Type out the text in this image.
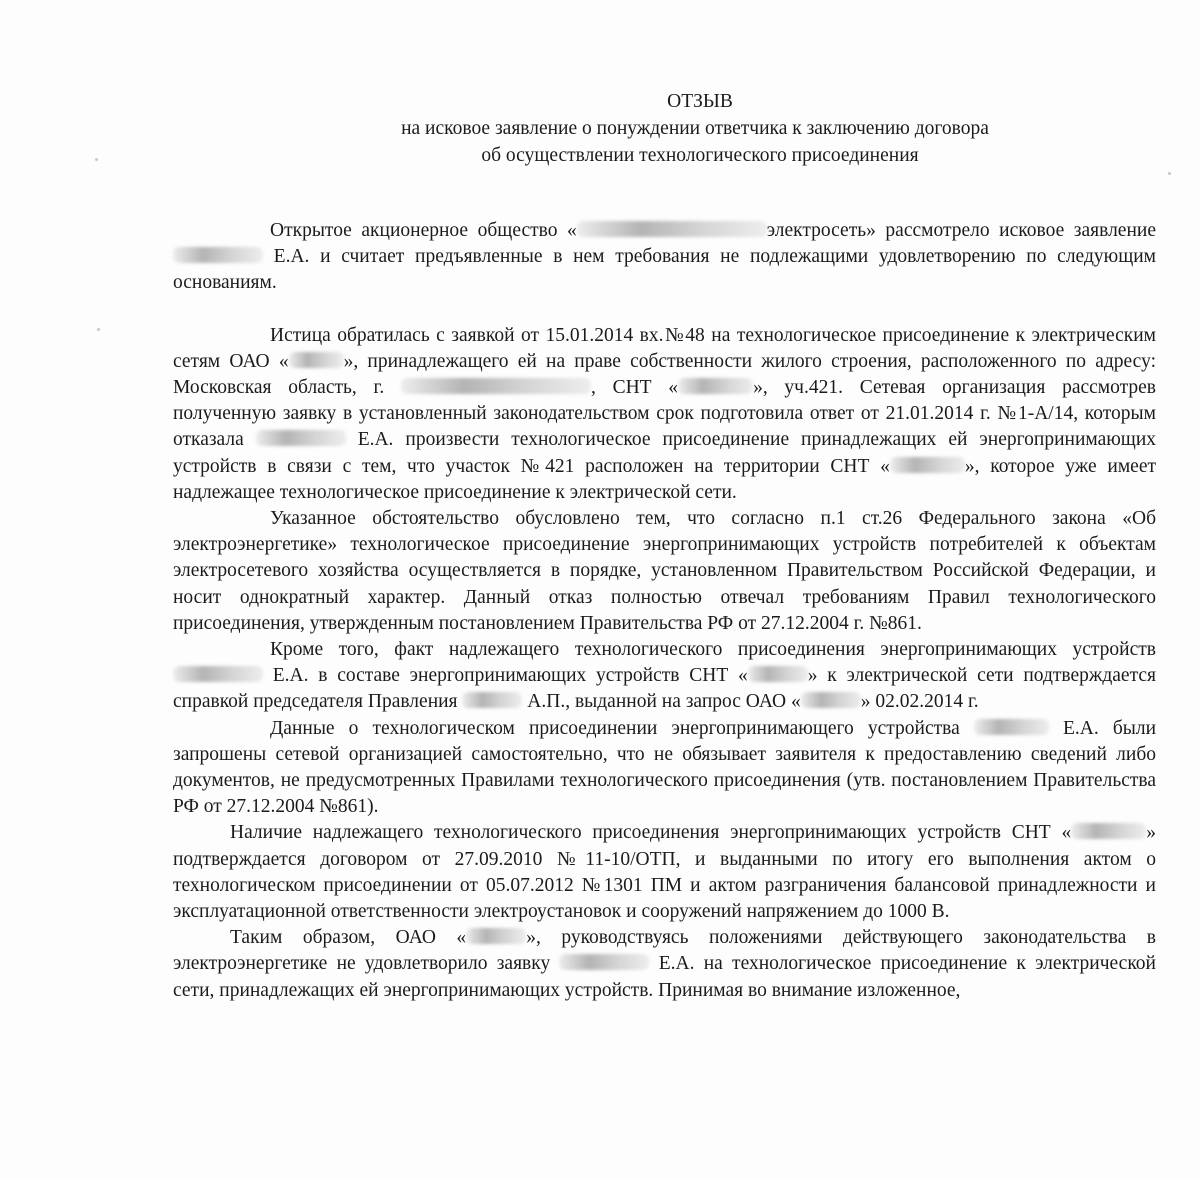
ОТЗЫВ
на исковое заявление о понуждении ответчика к заключению договора
об осуществлении технологического присоединения

Открытое акционерное общество «	электросеть» рассмотрело исковое заявление  Е.А. и считает предъявленные в нем требования не подлежащими удовлетворению по следующим основаниям.

Истица обратилась с заявкой от 15.01.2014 вх.№48 на технологическое присоединение к электрическим сетям ОАО «	», принадлежащего ей на праве собственности жилого строения, расположенного по адресу: Московская область, г.	, СНТ «	», уч.421. Сетевая организация рассмотрев полученную заявку в установленный законодательством срок подготовила ответ от 21.01.2014 г. №1-А/14, которым отказала	Е.А. произвести технологическое присоединение принадлежащих ей энергопринимающих устройств в связи с тем, что участок №421 расположен на территории СНТ «	», которое уже имеет надлежащее технологическое присоединение к электрической сети.

Указанное обстоятельство обусловлено тем, что согласно п.1 ст.26 Федерального закона «Об электроэнергетике» технологическое присоединение энергопринимающих устройств потребителей к объектам электросетевого хозяйства осуществляется в порядке, установленном Правительством Российской Федерации, и носит однократный характер. Данный отказ полностью отвечал требованиям Правил технологического присоединения, утвержденным постановлением Правительства РФ от 27.12.2004 г. №861.

Кроме того, факт надлежащего технологического присоединения энергопринимающих устройств  Е.А. в составе энергопринимающих устройств СНТ «	» к электрической сети подтверждается справкой председателя Правления	А.П., выданной на запрос ОАО «	» 02.02.2014 г.

Данные о технологическом присоединении энергопринимающего устройства	Е.А. были запрошены сетевой организацией самостоятельно, что не обязывает заявителя к предоставлению сведений либо документов, не предусмотренных Правилами технологического присоединения (утв. постановлением Правительства РФ от 27.12.2004 №861).

Наличие надлежащего технологического присоединения энергопринимающих устройств СНТ «	» подтверждается договором от 27.09.2010 №11-10/ОТП, и выданными по итогу его выполнения актом о технологическом присоединении от 05.07.2012 №1301 ПМ и актом разграничения балансовой принадлежности и эксплуатационной ответственности электроустановок и сооружений напряжением до 1000 В.

Таким образом, ОАО «	», руководствуясь положениями действующего законодательства в электроэнергетике не удовлетворило заявку	Е.А. на технологическое присоединение к электрической сети, принадлежащих ей энергопринимающих устройств. Принимая во внимание изложенное,
